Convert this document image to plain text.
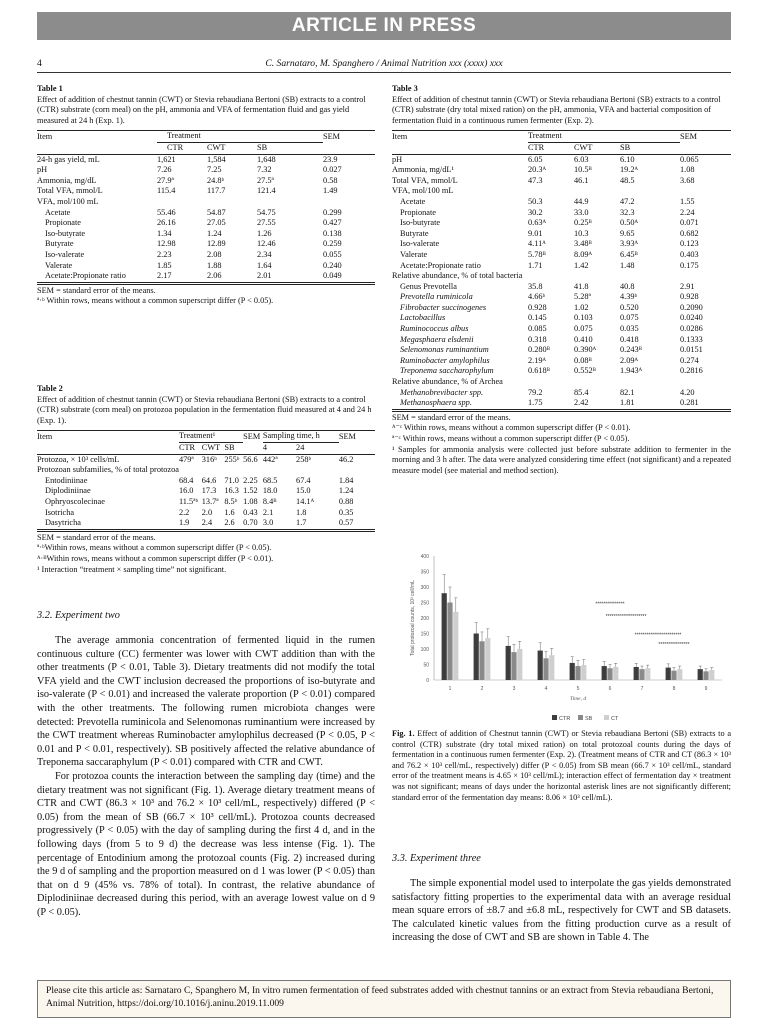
ARTICLE IN PRESS
4	C. Sarnataro, M. Spanghero / Animal Nutrition xxx (xxxx) xxx
Table 1
Effect of addition of chestnut tannin (CWT) or Stevia rebaudiana Bertoni (SB) extracts to a control (CTR) substrate (corn meal) on the pH, ammonia and VFA of fermentation fluid and gas yield measured at 24 h (Exp. 1).
Item	Treatment			SEM
	CTR	CWT	SB	
24-h gas yield, mL	1,621	1,584	1,648	23.9
pH	7.26	7.25	7.32	0.027
Ammonia, mg/dL	27.9ª	24.8ᵇ	27.5ª	0.58
Total VFA, mmol/L	115.4	117.7	121.4	1.49
VFA, mol/100 mL				
Acetate	55.46	54.87	54.75	0.299
Propionate	26.16	27.05	27.55	0.427
Iso-butyrate	1.34	1.24	1.26	0.138
Butyrate	12.98	12.89	12.46	0.259
Iso-valerate	2.23	2.08	2.34	0.055
Valerate	1.85	1.88	1.64	0.240
Acetate:Propionate ratio	2.17	2.06	2.01	0.049
SEM = standard error of the means.
ª·ᵇ Within rows, means without a common superscript differ (P < 0.05).
Table 2
Effect of addition of chestnut tannin (CWT) or Stevia rebaudiana Bertoni (SB) extracts to a control (CTR) substrate (corn meal) on protozoa population in the fermentation fluid measured at 4 and 24 h (Exp. 1).
Item	Treatment¹			SEM	Sampling time, h		SEM
	CTR	CWT	SB		4	24	
Protozoa, × 10³ cells/mL	479ª	316ᵇ	255ᵇ	56.6	442ª	258ᵇ	46.2
Protozoan subfamilies, % of total protozoa							
Entodiniinae	68.4	64.6	71.0	2.25	68.5	67.4	1.84
Diplodiniinae	16.0	17.3	16.3	1.52	18.0	15.0	1.24
Ophryoscolecinae	11.5ªᵇ	13.7ª	8.5ᵇ	1.08	8.4ᴮ	14.1ᴬ	0.88
Isotricha	2.2	2.0	1.6	0.43	2.1	1.8	0.35
Dasytricha	1.9	2.4	2.6	0.70	3.0	1.7	0.57
SEM = standard error of the means.
ª·ᵇWithin rows, means without a common superscript differ (P < 0.05).
ᴬ·ᴮWithin rows, means without a common superscript differ (P < 0.01).
¹ Interaction “treatment × sampling time” not significant.
3.2. Experiment two

The average ammonia concentration of fermented liquid in the rumen continuous culture (CC) fermenter was lower with CWT addition than with the other treatments (P < 0.01, Table 3). Dietary treatments did not modify the total VFA yield and the CWT inclusion decreased the proportions of iso-butyrate and iso-valerate (P < 0.01) and increased the valerate proportion (P < 0.01) compared with the other treatments. The following rumen microbiota changes were detected: Prevotella ruminicola and Selenomonas ruminantium were increased by the CWT treatment whereas Ruminobacter amylophilus decreased (P < 0.05, P < 0.01 and P < 0.01, respectively). SB positively affected the relative abundance of Treponema saccaraphylum (P < 0.01) compared with CTR and CWT.

For protozoa counts the interaction between the sampling day (time) and the dietary treatment was not significant (Fig. 1). Average dietary treatment means of CTR and CWT (86.3 × 10³ and 76.2 × 10³ cell/mL, respectively) differed (P < 0.05) from the mean of SB (66.7 × 10³ cell/mL). Protozoa counts decreased progressively (P < 0.05) with the day of sampling during the first 4 d, and in the following days (from 5 to 9 d) the decrease was less intense (Fig. 1). The percentage of Entodinium among the protozoal counts (Fig. 2) increased during the 9 d of sampling and the proportion measured on d 1 was lower (P < 0.05) than that on d 9 (45% vs. 78% of total). In contrast, the relative abundance of Diplodiniinae decreased during this period, with an average lowest value on d 9 (P < 0.05).

Table 3
Effect of addition of chestnut tannin (CWT) or Stevia rebaudiana Bertoni (SB) extracts to a control (CTR) substrate (dry total mixed ration) on the pH, ammonia, VFA and bacterial composition of fermentation fluid in a continuous rumen fermenter (Exp. 2).
Item	Treatment			SEM
	CTR	CWT	SB	
pH	6.05	6.03	6.10	0.065
Ammonia, mg/dL¹	20.3ᴬ	10.5ᴮ	19.2ᴬ	1.08
Total VFA, mmol/L	47.3	46.1	48.5	3.68
VFA, mol/100 mL				
Acetate	50.3	44.9	47.2	1.55
Propionate	30.2	33.0	32.3	2.24
Iso-butyrate	0.63ᴬ	0.25ᴮ	0.50ᴬ	0.071
Butyrate	9.01	10.3	9.65	0.682
Iso-valerate	4.11ᴬ	3.48ᴮ	3.93ᴬ	0.123
Valerate	5.78ᴮ	8.09ᴬ	6.45ᴮ	0.403
Acetate:Propionate ratio	1.71	1.42	1.48	0.175
Relative abundance, % of total bacteria				
Genus Prevotella	35.8	41.8	40.8	2.91
Prevotella ruminicola	4.66ᵇ	5.28ª	4.39ᵇ	0.928
Fibrobacter succinogenes	0.928	1.02	0.520	0.2090
Lactobacillus	0.145	0.103	0.075	0.0240
Ruminococcus albus	0.085	0.075	0.035	0.0286
Megasphaera elsdenii	0.318	0.410	0.418	0.1333
Selenomonas ruminantium	0.280ᴮ	0.390ᴬ	0.243ᴮ	0.0151
Ruminobacter amylophilus	2.19ᴬ	0.08ᴮ	2.09ᴬ	0.274
Treponema saccharophylum	0.618ᴮ	0.552ᴮ	1.943ᴬ	0.2816
Relative abundance, % of Archea				
Methanobrevibacter spp.	79.2	85.4	82.1	4.20
Methanosphaera spp.	1.75	2.42	1.81	0.281
SEM = standard error of the means.
ᴬ⁻ᶜ Within rows, means without a common superscript differ (P < 0.01).
ª⁻ᶜ Within rows, means without a common superscript differ (P < 0.05).
¹ Samples for ammonia analysis were collected just before substrate addition to fermenter in the morning and 3 h after. The data were analyzed considering time effect (not significant) and a repeated measure model (see material and method section).
0
50
100
150
200
250
300
350
400
1	2	3	4	5	6	7	8	9
***************
*********************
************************
****************
Time, d
Total protozoal counts, 10³ cell/mL
CTR	SB	CT
Fig. 1. Effect of addition of Chestnut tannin (CWT) or Stevia rebaudiana Bertoni (SB) extracts to a control (CTR) substrate (dry total mixed ration) on total protozoal counts during the days of fermentation in a continuous rumen fermenter (Exp. 2). (Treatment means of CTR and CT (86.3 × 10³ and 76.2 × 10³ cell/mL, respectively) differ (P < 0.05) from SB mean (66.7 × 10³ cell/mL, standard error of the treatment means is 4.65 × 10³ cell/mL); interaction effect of fermentation day × treatment was not significant; means of days under the horizontal asterisk lines are not significantly different; standard error of the fermentation day means: 8.06 × 10³ cell/mL).
3.3. Experiment three

The simple exponential model used to interpolate the gas yields demonstrated satisfactory fitting properties to the experimental data with an average residual mean square errors of ±8.7 and ±6.8 mL, respectively for CWT and SB datasets. The calculated kinetic values from the fitting production curve as a result of increasing the dose of CWT and SB are shown in Table 4. The

Please cite this article as: Sarnataro C, Spanghero M, In vitro rumen fermentation of feed substrates added with chestnut tannins or an extract from Stevia rebaudiana Bertoni, Animal Nutrition, https://doi.org/10.1016/j.aninu.2019.11.009
